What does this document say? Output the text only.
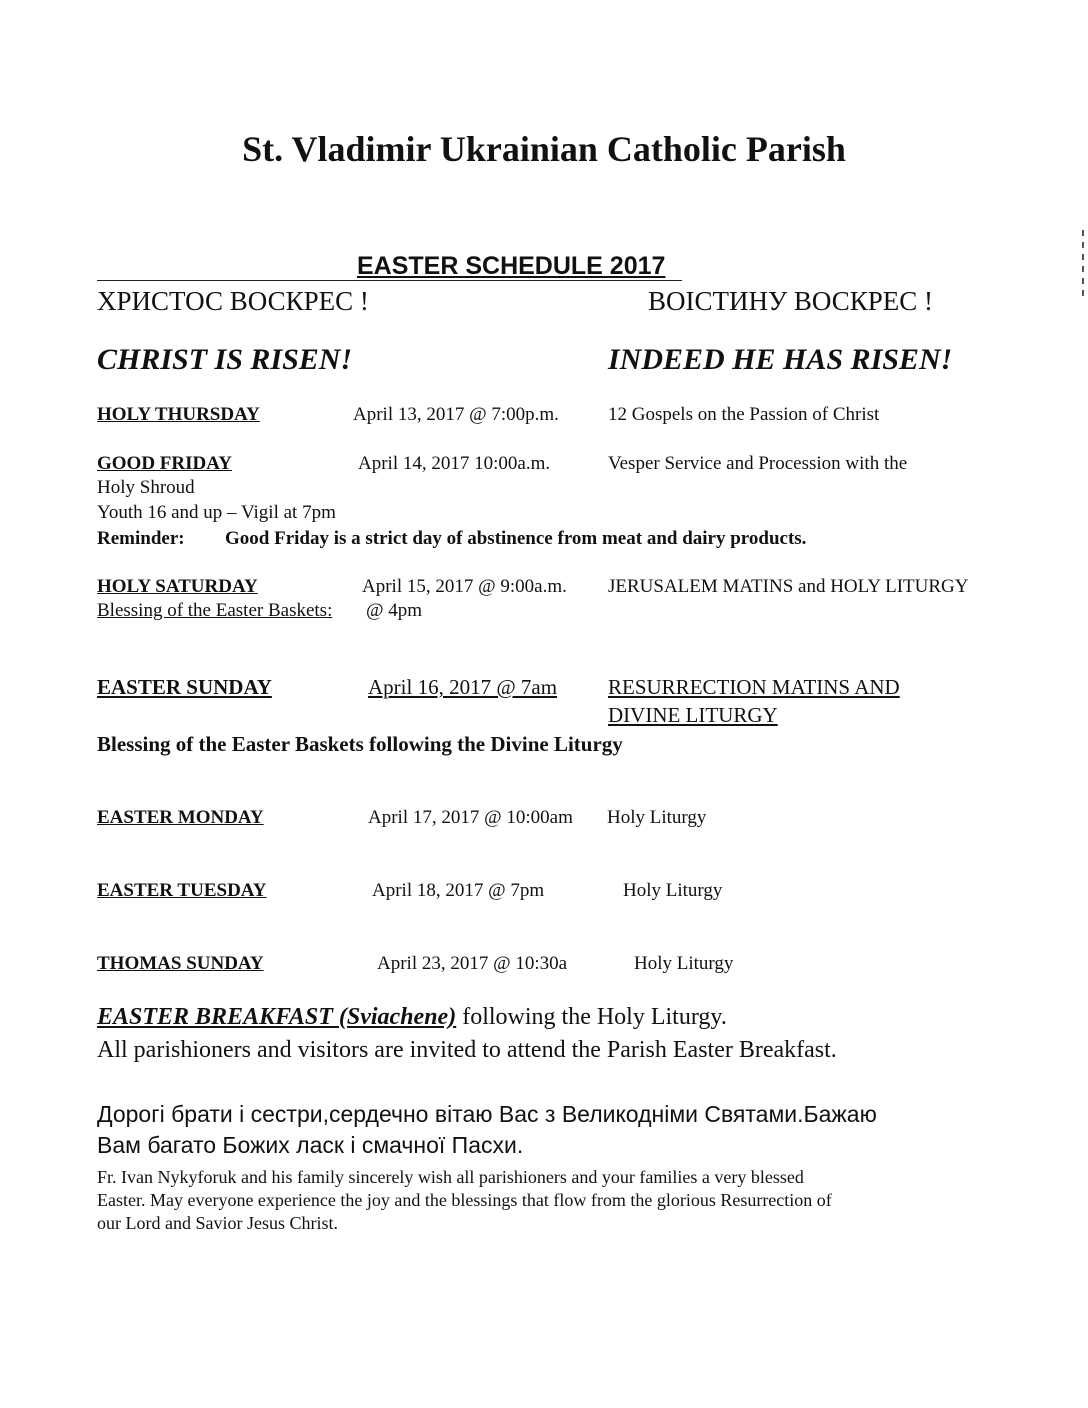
St. Vladimir Ukrainian Catholic Parish
EASTER SCHEDULE 2017
ХРИСТОС ВОСКРЕС !	ВОІСТИНУ ВОСКРЕС !
CHRIST IS RISEN!	INDEED HE HAS RISEN!
HOLY THURSDAY	April 13, 2017 @ 7:00p.m.	12 Gospels on the Passion of Christ
GOOD FRIDAY	April 14, 2017 10:00a.m.	Vesper Service and Procession with the
Holy Shroud
Youth 16 and up – Vigil at 7pm
Reminder: Good Friday is a strict day of abstinence from meat and dairy products.
HOLY SATURDAY	April 15, 2017 @ 9:00a.m. JERUSALEM MATINS and HOLY LITURGY
Blessing of the Easter Baskets: @ 4pm
EASTER SUNDAY	April 16, 2017 @ 7am RESURRECTION MATINS AND
DIVINE LITURGY
Blessing of the Easter Baskets following the Divine Liturgy
EASTER MONDAY	April 17, 2017 @ 10:00am Holy Liturgy
EASTER TUESDAY	April 18, 2017 @ 7pm	Holy Liturgy
THOMAS SUNDAY	April 23, 2017 @ 10:30a	Holy Liturgy
EASTER BREAKFAST (Sviachene) following the Holy Liturgy.
All parishioners and visitors are invited to attend the Parish Easter Breakfast.
Дорогі брати і сестри,сердечно вітаю Вас з Великодніми Святами.Бажаю
Вам багато Божих ласк і смачної Пасхи.
Fr. Ivan Nykyforuk and his family sincerely wish all parishioners and your families a very blessed
Easter. May everyone experience the joy and the blessings that flow from the glorious Resurrection of
our Lord and Savior Jesus Christ.
